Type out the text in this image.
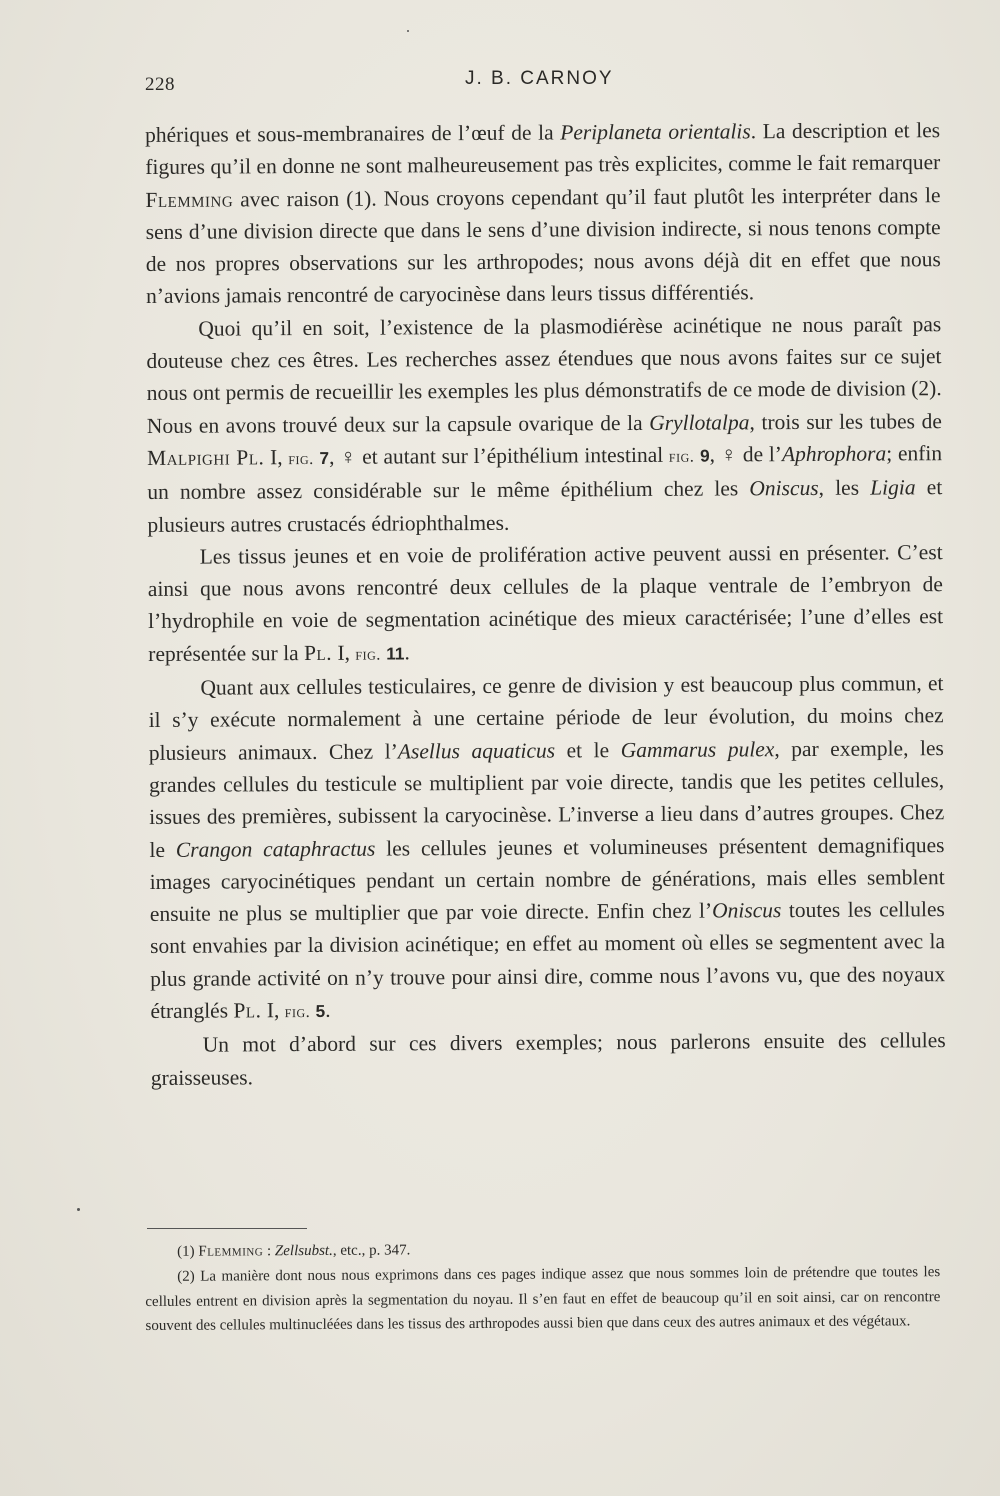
228	J. B. CARNOY

phériques et sous-membranaires de l’œuf de la Periplaneta orientalis. La description et les figures qu’il en donne ne sont malheureusement pas très explicites, comme le fait remarquer Flemming avec raison (1). Nous croyons cependant qu’il faut plutôt les interpréter dans le sens d’une division directe que dans le sens d’une division indirecte, si nous tenons compte de nos propres observations sur les arthropodes; nous avons déjà dit en effet que nous n’avions jamais rencontré de caryocinèse dans leurs tissus différentiés.

Quoi qu’il en soit, l’existence de la plasmodiérèse acinétique ne nous paraît pas douteuse chez ces êtres. Les recherches assez étendues que nous avons faites sur ce sujet nous ont permis de recueillir les exemples les plus démonstratifs de ce mode de division (2). Nous en avons trouvé deux sur la capsule ovarique de la Gryllotalpa, trois sur les tubes de Malpighi Pl. I, fig. 7, ♀ et autant sur l’épithélium intestinal fig. 9, ♀ de l’Aphrophora; enfin un nombre assez considérable sur le même épithélium chez les Oniscus, les Ligia et plusieurs autres crustacés édriophthalmes.

Les tissus jeunes et en voie de prolifération active peuvent aussi en présenter. C’est ainsi que nous avons rencontré deux cellules de la plaque ventrale de l’embryon de l’hydrophile en voie de segmentation acinétique des mieux caractérisée; l’une d’elles est représentée sur la Pl. I, fig. 11.

Quant aux cellules testiculaires, ce genre de division y est beaucoup plus commun, et il s’y exécute normalement à une certaine période de leur évolution, du moins chez plusieurs animaux. Chez l’Asellus aquaticus et le Gammarus pulex, par exemple, les grandes cellules du testicule se multiplient par voie directe, tandis que les petites cellules, issues des premières, subissent la caryocinèse. L’inverse a lieu dans d’autres groupes. Chez le Crangon cataphractus les cellules jeunes et volumineuses présentent demagnifiques images caryocinétiques pendant un certain nombre de générations, mais elles semblent ensuite ne plus se multiplier que par voie directe. Enfin chez l’Oniscus toutes les cellules sont envahies par la division acinétique; en effet au moment où elles se segmentent avec la plus grande activité on n’y trouve pour ainsi dire, comme nous l’avons vu, que des noyaux étranglés Pl. I, fig. 5.

Un mot d’abord sur ces divers exemples; nous parlerons ensuite des cellules graisseuses.

(1) Flemming : Zellsubst., etc., p. 347.

(2) La manière dont nous nous exprimons dans ces pages indique assez que nous sommes loin de prétendre que toutes les cellules entrent en division après la segmentation du noyau. Il s’en faut en effet de beaucoup qu’il en soit ainsi, car on rencontre souvent des cellules multinucléées dans les tissus des arthropodes aussi bien que dans ceux des autres animaux et des végétaux.
